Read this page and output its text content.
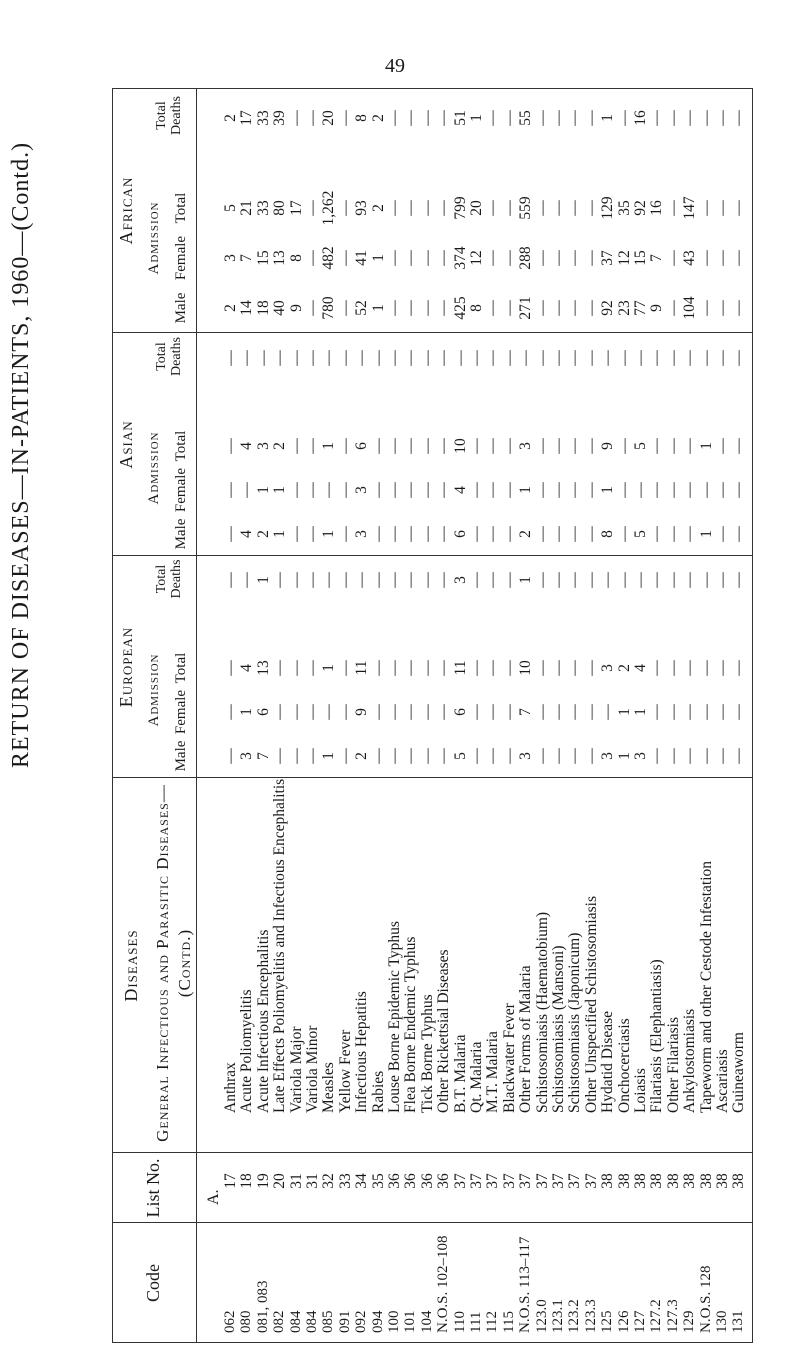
49
RETURN OF DISEASES—IN-PATIENTS, 1960—(Contd.)
Code
List No.
Diseases General Infectious and Parasitic Diseases—(Contd.)
A.
European Admission
Male
Female
Total
Total Deaths
Asian Admission
Male
Female
Total
Total Deaths
African Admission
Male
Female
Total
Total Deaths
062
17
Anthrax
—
—
—
—
—
—
—
—
2
3
5
2
080
18
Acute Poliomyelitis
3
1
4
—
4
—
4
—
14
7
21
17
081, 083
19
Acute Infectious Encephalitis
7
6
13
1
2
1
3
—
18
15
33
33
082
20
Late Effects Poliomyelitis and Infectious Encephalitis
—
—
—
—
1
1
2
—
40
13
80
39
084
31
Variola Major
—
—
—
—
—
—
—
—
9
8
17
—
084
31
Variola Minor
—
—
—
—
—
—
—
—
—
—
—
—
085
32
Measles
1
—
1
—
1
—
1
—
780
482
1,262
20
091
33
Yellow Fever
—
—
—
—
—
—
—
—
—
—
—
—
092
34
Infectious Hepatitis
2
9
11
—
3
3
6
—
52
41
93
8
094
35
Rabies
—
—
—
—
—
—
—
—
1
1
2
2
100
36
Louse Borne Epidemic Typhus
—
—
—
—
—
—
—
—
—
—
—
—
101
36
Flea Borne Endemic Typhus
—
—
—
—
—
—
—
—
—
—
—
—
104
36
Tick Borne Typhus
—
—
—
—
—
—
—
—
—
—
—
—
N.O.S. 102–108
36
Other Rickettsial Diseases
—
—
—
—
—
—
—
—
—
—
—
—
110
37
B.T. Malaria
5
6
11
3
6
4
10
—
425
374
799
51
111
37
Qt. Malaria
—
—
—
—
—
—
—
—
8
12
20
1
112
37
M.T. Malaria
—
—
—
—
—
—
—
—
—
—
—
—
115
37
Blackwater Fever
—
—
—
—
—
—
—
—
—
—
—
—
N.O.S. 113–117
37
Other Forms of Malaria
3
7
10
1
2
1
3
—
271
288
559
55
123.0
37
Schistosomiasis (Haematobium)
—
—
—
—
—
—
—
—
—
—
—
—
123.1
37
Schistosomiasis (Mansoni)
—
—
—
—
—
—
—
—
—
—
—
—
123.2
37
Schistosomiasis (Japonicum)
—
—
—
—
—
—
—
—
—
—
—
—
123.3
37
Other Unspecified Schistosomiasis
—
—
—
—
—
—
—
—
—
—
—
—
125
38
Hydatid Disease
3
—
3
—
8
1
9
—
92
37
129
1
126
38
Onchocerciasis
1
1
2
—
—
—
—
—
23
12
35
—
127
38
Loiasis
3
1
4
—
5
—
5
—
77
15
92
16
127.2
38
Filariasis (Elephantiasis)
—
—
—
—
—
—
—
—
9
7
16
—
127.3
38
Other Filariasis
—
—
—
—
—
—
—
—
—
—
—
—
129
38
Ankylostomiasis
—
—
—
—
—
—
—
—
104
43
147
—
N.O.S. 128
38
Tapeworm and other Cestode Infestation
—
—
—
—
1
—
1
—
—
—
—
—
130
38
Ascariasis
—
—
—
—
—
—
—
—
—
—
—
—
131
38
Guineaworm
—
—
—
—
—
—
—
—
—
—
—
—
